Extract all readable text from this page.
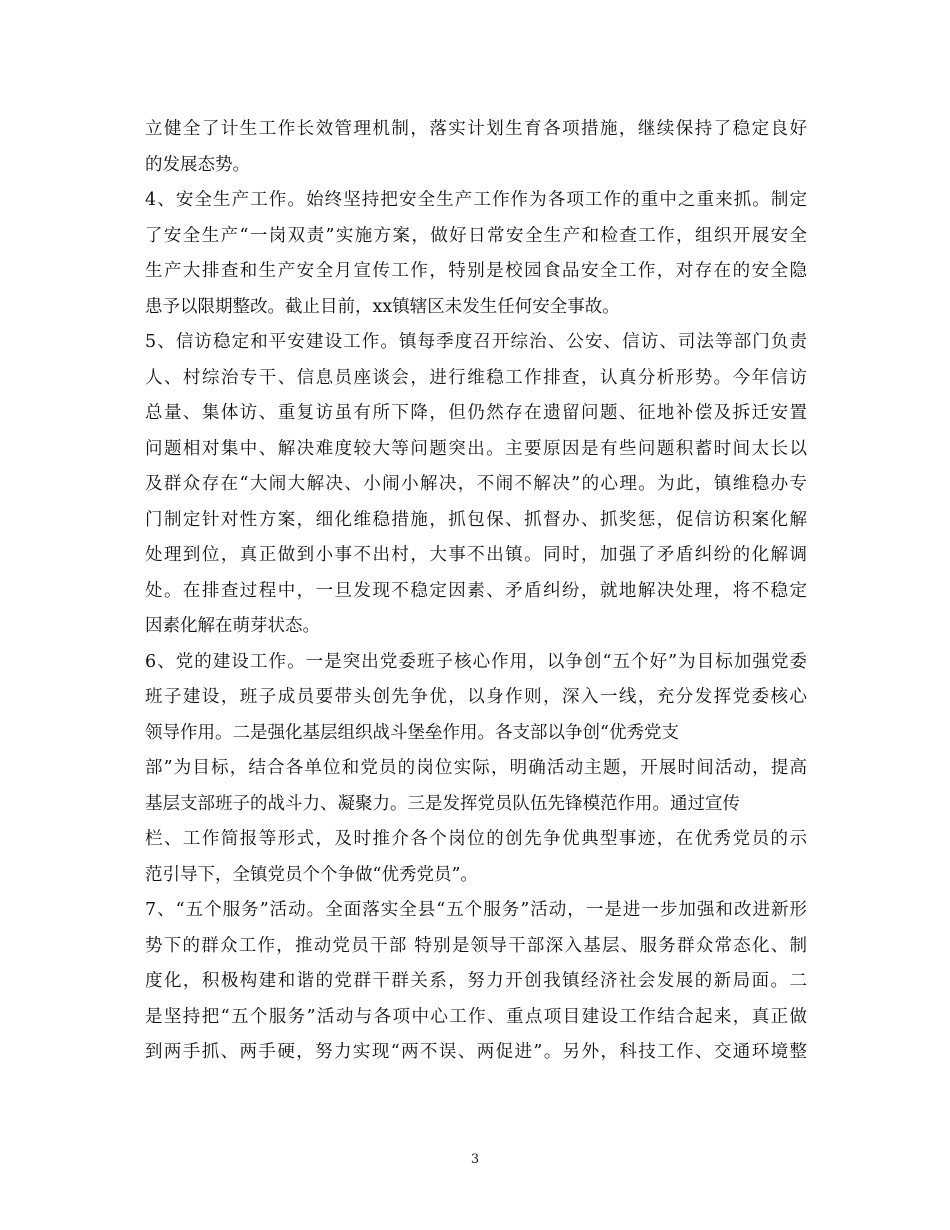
立健全了计生工作长效管理机制，落实计划生育各项措施，继续保持了稳定良好
的发展态势。
4、安全生产工作。始终坚持把安全生产工作作为各项工作的重中之重来抓。制定
了安全生产“一岗双责”实施方案，做好日常安全生产和检查工作，组织开展安全
生产大排查和生产安全月宣传工作，特别是校园食品安全工作，对存在的安全隐
患予以限期整改。截止目前，xx镇辖区未发生任何安全事故。
5、信访稳定和平安建设工作。镇每季度召开综治、公安、信访、司法等部门负责
人、村综治专干、信息员座谈会，进行维稳工作排查，认真分析形势。今年信访
总量、集体访、重复访虽有所下降，但仍然存在遗留问题、征地补偿及拆迁安置
问题相对集中、解决难度较大等问题突出。主要原因是有些问题积蓄时间太长以
及群众存在“大闹大解决、小闹小解决，不闹不解决”的心理。为此，镇维稳办专
门制定针对性方案，细化维稳措施，抓包保、抓督办、抓奖惩，促信访积案化解
处理到位，真正做到小事不出村，大事不出镇。同时，加强了矛盾纠纷的化解调
处。在排查过程中，一旦发现不稳定因素、矛盾纠纷，就地解决处理，将不稳定
因素化解在萌芽状态。
6、党的建设工作。一是突出党委班子核心作用，以争创“五个好”为目标加强党委
班子建设，班子成员要带头创先争优，以身作则，深入一线，充分发挥党委核心
领导作用。二是强化基层组织战斗堡垒作用。各支部以争创“优秀党支
部”为目标，结合各单位和党员的岗位实际，明确活动主题，开展时间活动，提高
基层支部班子的战斗力、凝聚力。三是发挥党员队伍先锋模范作用。通过宣传
栏、工作简报等形式，及时推介各个岗位的创先争优典型事迹，在优秀党员的示
范引导下，全镇党员个个争做“优秀党员”。
7、“五个服务”活动。全面落实全县“五个服务”活动，一是进一步加强和改进新形
势下的群众工作，推动党员干部 特别是领导干部深入基层、服务群众常态化、制
度化，积极构建和谐的党群干群关系，努力开创我镇经济社会发展的新局面。二
是坚持把“五个服务”活动与各项中心工作、重点项目建设工作结合起来，真正做
到两手抓、两手硬，努力实现“两不误、两促进”。另外，科技工作、交通环境整
3
